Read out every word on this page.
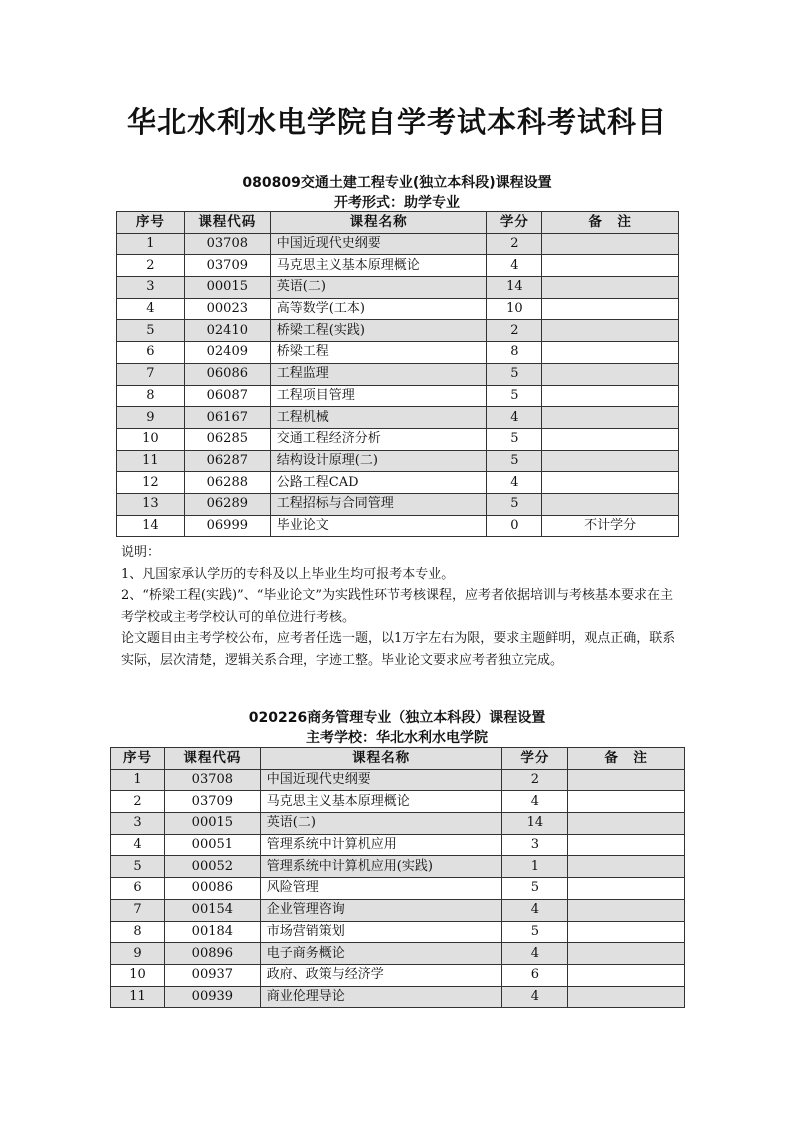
华北水利水电学院自学考试本科考试科目
080809交通土建工程专业(独立本科段)课程设置
开考形式：助学专业
序号	课程代码	课程名称	学分	备　注
1	03708	中国近现代史纲要	2	
2	03709	马克思主义基本原理概论	4	
3	00015	英语(二)	14	
4	00023	高等数学(工本)	10	
5	02410	桥梁工程(实践)	2	
6	02409	桥梁工程	8	
7	06086	工程监理	5	
8	06087	工程项目管理	5	
9	06167	工程机械	4	
10	06285	交通工程经济分析	5	
11	06287	结构设计原理(二)	5	
12	06288	公路工程CAD	4	
13	06289	工程招标与合同管理	5	
14	06999	毕业论文	0	不计学分

说明：

1、凡国家承认学历的专科及以上毕业生均可报考本专业。

2、“桥梁工程(实践)”、“毕业论文”为实践性环节考核课程，应考者依据培训与考核基本要求在主考学校或主考学校认可的单位进行考核。

论文题目由主考学校公布，应考者任选一题，以1万字左右为限，要求主题鲜明，观点正确，联系实际，层次清楚，逻辑关系合理，字迹工整。毕业论文要求应考者独立完成。

020226商务管理专业（独立本科段）课程设置
主考学校：华北水利水电学院
序号	课程代码	课程名称	学分	备　注
1	03708	中国近现代史纲要	2	
2	03709	马克思主义基本原理概论	4	
3	00015	英语(二)	14	
4	00051	管理系统中计算机应用	3	
5	00052	管理系统中计算机应用(实践)	1	
6	00086	风险管理	5	
7	00154	企业管理咨询	4	
8	00184	市场营销策划	5	
9	00896	电子商务概论	4	
10	00937	政府、政策与经济学	6	
11	00939	商业伦理导论	4	
